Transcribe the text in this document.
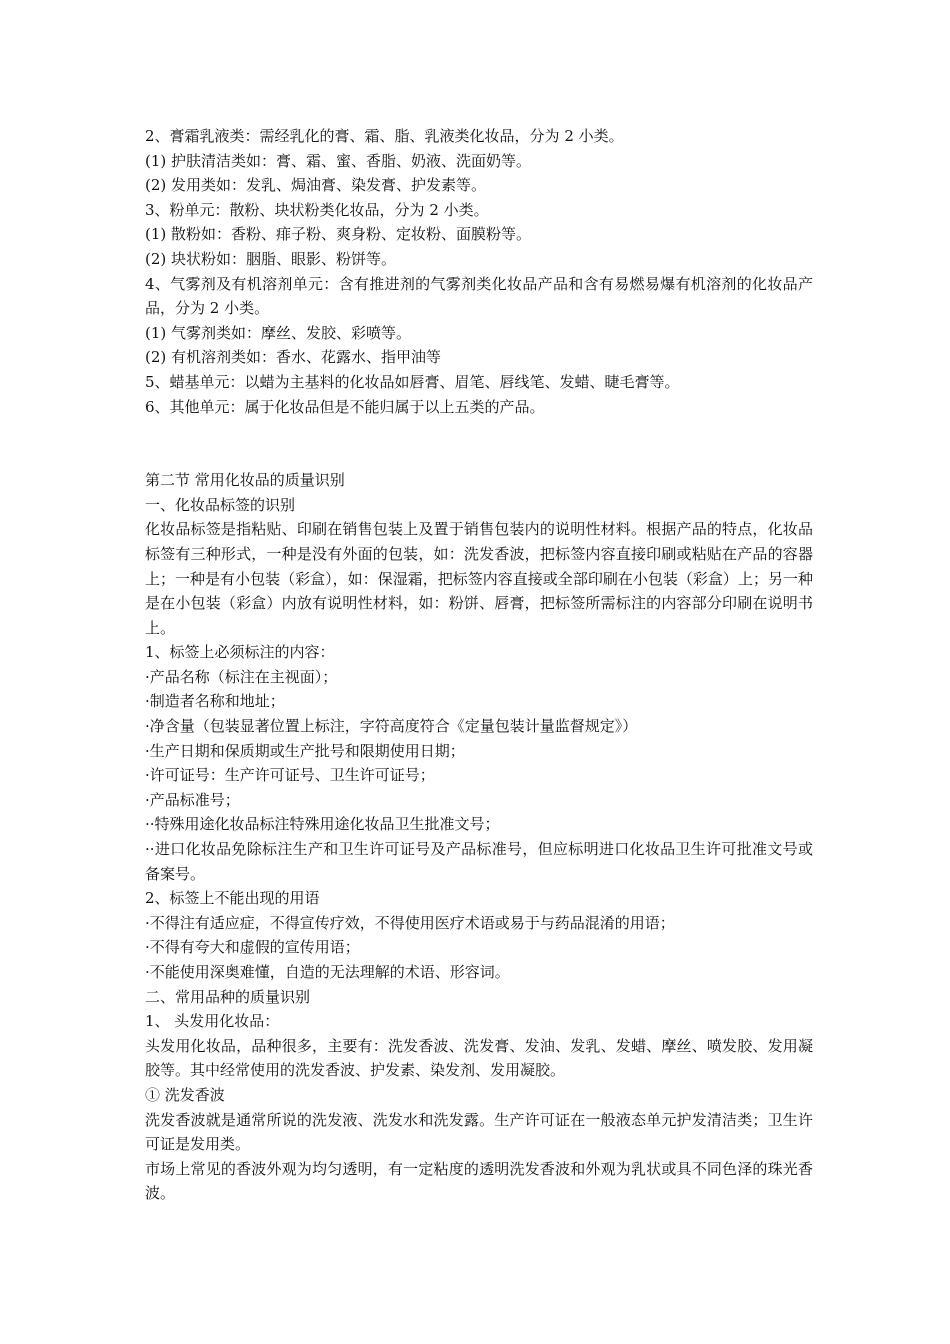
2、膏霜乳液类：需经乳化的膏、霜、脂、乳液类化妆品，分为 2 小类。

(1) 护肤清洁类如：膏、霜、蜜、香脂、奶液、洗面奶等。

(2) 发用类如：发乳、焗油膏、染发膏、护发素等。

3、粉单元：散粉、块状粉类化妆品，分为 2 小类。

(1) 散粉如：香粉、痱子粉、爽身粉、定妆粉、面膜粉等。

(2) 块状粉如：胭脂、眼影、粉饼等。

4、气雾剂及有机溶剂单元：含有推进剂的气雾剂类化妆品产品和含有易燃易爆有机溶剂的化妆品产品，分为 2 小类。

(1) 气雾剂类如：摩丝、发胶、彩喷等。

(2) 有机溶剂类如：香水、花露水、指甲油等

5、蜡基单元：以蜡为主基料的化妆品如唇膏、眉笔、唇线笔、发蜡、睫毛膏等。

6、其他单元：属于化妆品但是不能归属于以上五类的产品。

第二节 常用化妆品的质量识别

一、化妆品标签的识别

化妆品标签是指粘贴、印刷在销售包装上及置于销售包装内的说明性材料。根据产品的特点，化妆品标签有三种形式，一种是没有外面的包装，如：洗发香波，把标签内容直接印刷或粘贴在产品的容器上；一种是有小包装（彩盒），如：保湿霜，把标签内容直接或全部印刷在小包装（彩盒）上；另一种是在小包装（彩盒）内放有说明性材料，如：粉饼、唇膏，把标签所需标注的内容部分印刷在说明书上。

1、标签上必须标注的内容：

·产品名称（标注在主视面）；

·制造者名称和地址；

·净含量（包装显著位置上标注，字符高度符合《定量包装计量监督规定》）

·生产日期和保质期或生产批号和限期使用日期；

·许可证号：生产许可证号、卫生许可证号；

·产品标准号；

··特殊用途化妆品标注特殊用途化妆品卫生批准文号；

··进口化妆品免除标注生产和卫生许可证号及产品标准号，但应标明进口化妆品卫生许可批准文号或备案号。

2、标签上不能出现的用语

·不得注有适应症，不得宣传疗效，不得使用医疗术语或易于与药品混淆的用语；

·不得有夸大和虚假的宣传用语；

·不能使用深奥难懂，自造的无法理解的术语、形容词。

二、常用品种的质量识别

1、 头发用化妆品：

头发用化妆品，品种很多，主要有：洗发香波、洗发膏、发油、发乳、发蜡、摩丝、喷发胶、发用凝胶等。其中经常使用的洗发香波、护发素、染发剂、发用凝胶。

① 洗发香波

洗发香波就是通常所说的洗发液、洗发水和洗发露。生产许可证在一般液态单元护发清洁类；卫生许可证是发用类。

市场上常见的香波外观为均匀透明，有一定粘度的透明洗发香波和外观为乳状或具不同色泽的珠光香波。
